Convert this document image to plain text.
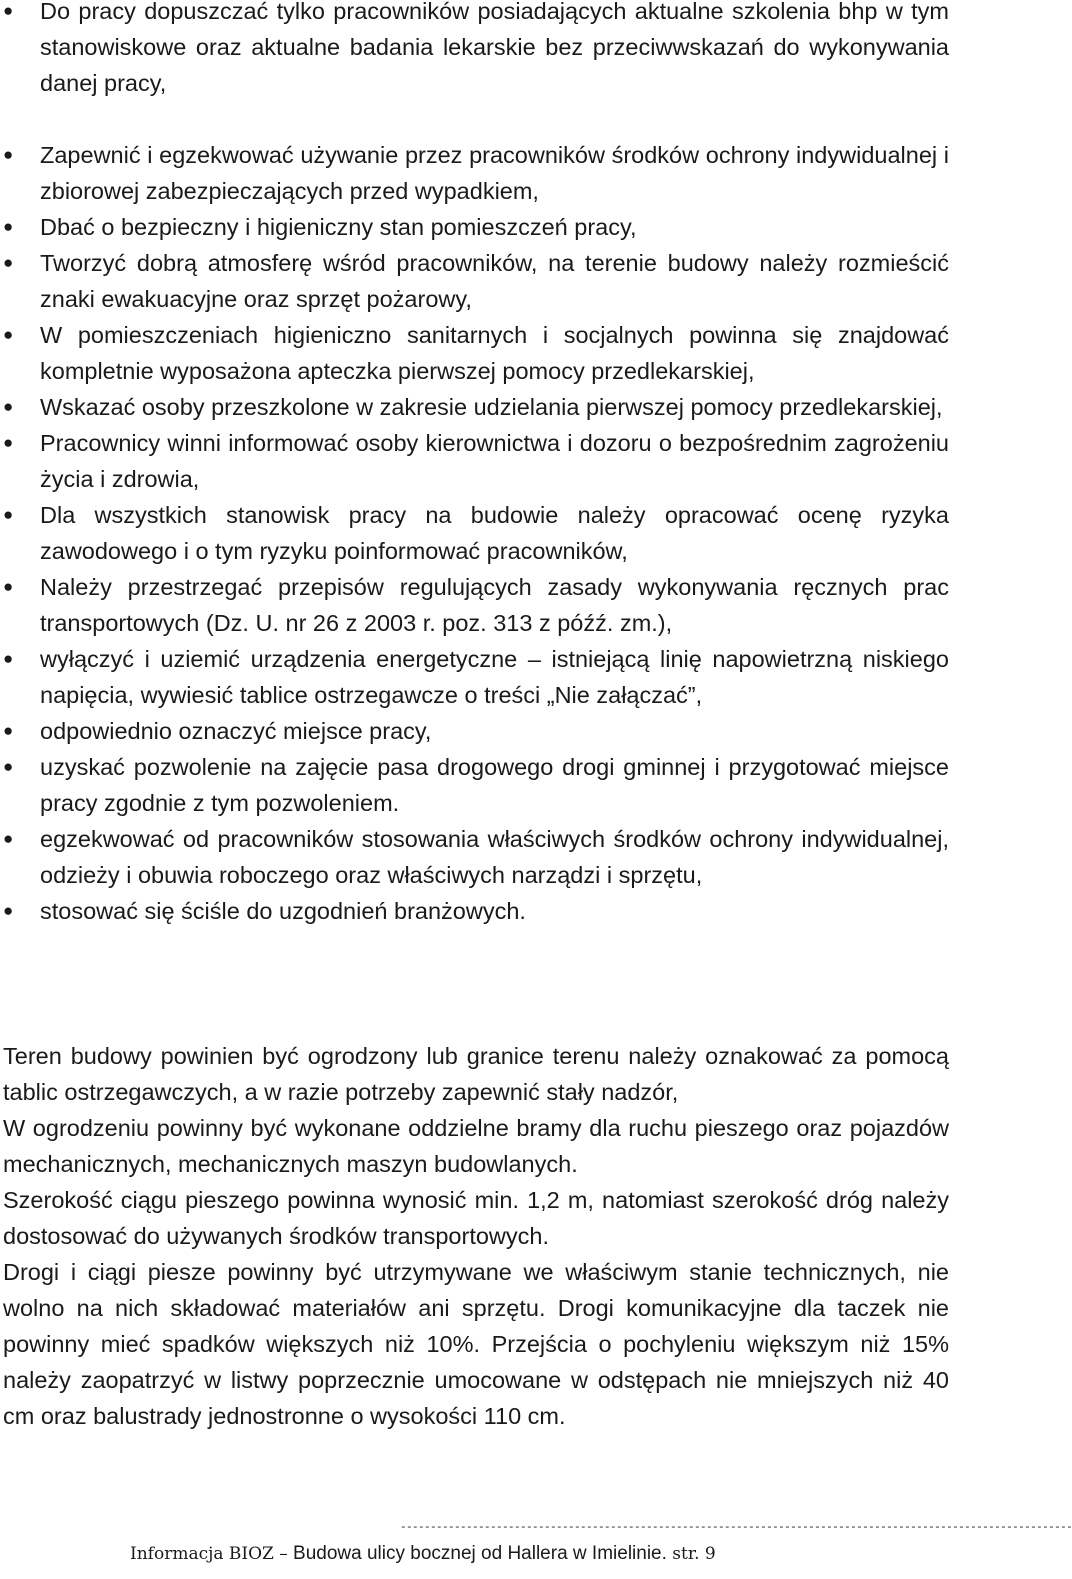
● Do pracy dopuszczać tylko pracowników posiadających aktualne szkolenia bhp w tym stanowiskowe oraz aktualne badania lekarskie bez przeciwwskazań do wykonywania danej pracy,
● Zapewnić i egzekwować używanie przez pracowników środków ochrony indywidualnej i zbiorowej zabezpieczających przed wypadkiem,
● Dbać o bezpieczny i higieniczny stan pomieszczeń pracy,
● Tworzyć dobrą atmosferę wśród pracowników, na terenie budowy należy rozmieścić znaki ewakuacyjne oraz sprzęt pożarowy,
● W pomieszczeniach higieniczno sanitarnych i socjalnych powinna się znajdować kompletnie wyposażona apteczka pierwszej pomocy przedlekarskiej,
● Wskazać osoby przeszkolone w zakresie udzielania pierwszej pomocy przedlekarskiej,
● Pracownicy winni informować osoby kierownictwa i dozoru o bezpośrednim zagrożeniu życia i zdrowia,
● Dla wszystkich stanowisk pracy na budowie należy opracować ocenę ryzyka zawodowego i o tym ryzyku poinformować pracowników,
● Należy przestrzegać przepisów regulujących zasady wykonywania ręcznych prac transportowych (Dz. U. nr 26 z 2003 r. poz. 313 z późź. zm.),
● wyłączyć i uziemić urządzenia energetyczne – istniejącą linię napowietrzną niskiego napięcia, wywiesić tablice ostrzegawcze o treści „Nie załączać”,
● odpowiednio oznaczyć miejsce pracy,
● uzyskać pozwolenie na zajęcie pasa drogowego drogi gminnej i przygotować miejsce pracy zgodnie z tym pozwoleniem.
● egzekwować od pracowników stosowania właściwych środków ochrony indywidualnej, odzieży i obuwia roboczego oraz właściwych narządzi i sprzętu,
● stosować się ściśle do uzgodnień branżowych.

Teren budowy powinien być ogrodzony lub granice terenu należy oznakować za pomocą tablic ostrzegawczych, a w razie potrzeby zapewnić stały nadzór,

W ogrodzeniu powinny być wykonane oddzielne bramy dla ruchu pieszego oraz pojazdów mechanicznych, mechanicznych maszyn budowlanych.

Szerokość ciągu pieszego powinna wynosić min. 1,2 m, natomiast szerokość dróg należy dostosować do używanych środków transportowych.

Drogi i ciągi piesze powinny być utrzymywane we właściwym stanie technicznych, nie wolno na nich składować materiałów ani sprzętu. Drogi komunikacyjne dla taczek nie powinny mieć spadków większych niż 10%. Przejścia o pochyleniu większym niż 15% należy zaopatrzyć w listwy poprzecznie umocowane w odstępach nie mniejszych niż 40 cm oraz balustrady jednostronne o wysokości 110 cm.

----------------------------------------------------------------------------------------------------------------
Informacja BIOZ – Budowa ulicy bocznej od Hallera w Imielinie. str. 9
